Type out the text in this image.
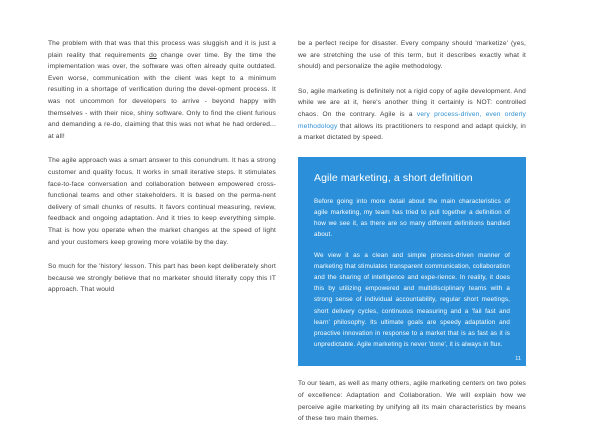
The problem with that was that this process was sluggish and it is just a plain reality that requirements do change over time. By the time the implementation was over, the software was often already quite outdated. Even worse, communication with the client was kept to a minimum resulting in a shortage of verification during the devel-opment process. It was not uncommon for developers to arrive - beyond happy with themselves - with their nice, shiny software. Only to find the client furious and demanding a re-do, claiming that this was not what he had ordered... at all!

The agile approach was a smart answer to this conundrum. It has a strong customer and quality focus. It works in small iterative steps. It stimulates face-to-face conversation and collaboration between empowered cross-functional teams and other stakeholders. It is based on the perma-nent delivery of small chunks of results. It favors continual measuring, review, feedback and ongoing adaptation. And it tries to keep everything simple. That is how you operate when the market changes at the speed of light and your customers keep growing more volatile by the day.

So much for the 'history' lesson. This part has been kept deliberately short because we strongly believe that no marketer should literally copy this IT approach. That would

be a perfect recipe for disaster. Every company should 'marketize' (yes, we are stretching the use of this term, but it describes exactly what it should) and personalize the agile methodology.

So, agile marketing is definitely not a rigid copy of agile development. And while we are at it, here's another thing it certainly is NOT: controlled chaos. On the contrary. Agile is a very process-driven, even orderly methodology that allows its practitioners to respond and adapt quickly, in a market dictated by speed.

Agile marketing, a short definition

Before going into more detail about the main characteristics of agile marketing, my team has tried to pull together a definition of how we see it, as there are so many different definitions bandied about.

We view it as a clean and simple process-driven manner of marketing that stimulates transparent communication, collaboration and the sharing of intelligence and expe-rience. In reality, it does this by utilizing empowered and multidisciplinary teams with a strong sense of individual accountability, regular short meetings, short delivery cycles, continuous measuring and a 'fail fast and learn' philosophy. Its ultimate goals are speedy adaptation and proactive innovation in response to a market that is as fast as it is unpredictable. Agile marketing is never 'done', it is always in flux.

11

To our team, as well as many others, agile marketing centers on two poles of excellence: Adaptation and Collaboration. We will explain how we perceive agile marketing by unifying all its main characteristics by means of these two main themes.
